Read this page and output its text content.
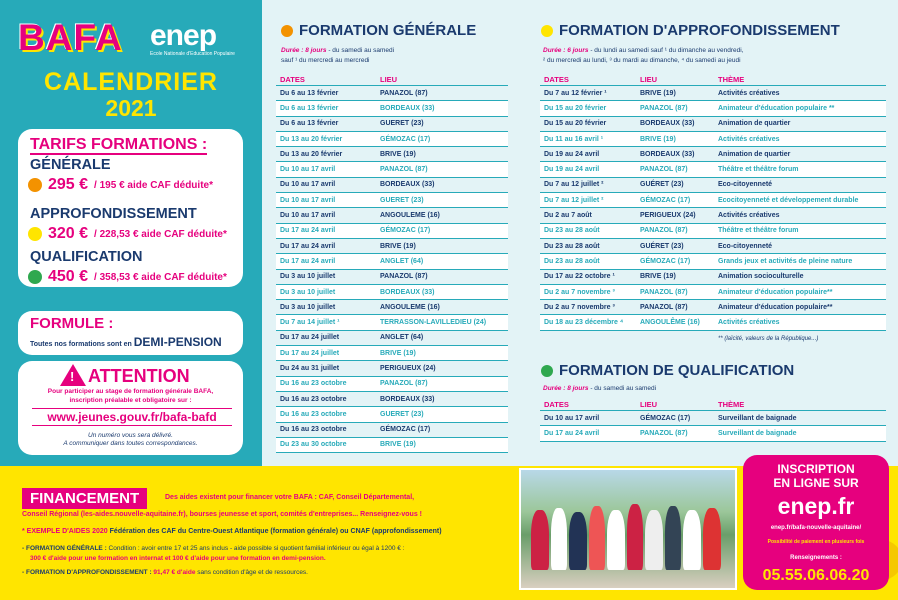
BAFA enep
Ecole Nationale d'Education Populaire
CALENDRIER
2021
TARIFS FORMATIONS :
GÉNÉRALE
295 € / 195 € aide CAF déduite*
APPROFONDISSEMENT
320 € / 228,53 € aide CAF déduite*
QUALIFICATION
450 € / 358,53 € aide CAF déduite*
FORMULE :
Toutes nos formations sont en DEMI-PENSION
! ATTENTION
Pour participer au stage de formation générale BAFA,
inscription préalable et obligatoire sur :
www.jeunes.gouv.fr/bafa-bafd
Un numéro vous sera délivré.
A communiquer dans toutes correspondances.
FORMATION GÉNÉRALE
Durée : 8 jours - du samedi au samedi
sauf ¹ du mercredi au mercredi
DATES	LIEU
Du 6 au 13 février	PANAZOL (87)
Du 6 au 13 février	BORDEAUX (33)
Du 6 au 13 février	GUERET (23)
Du 13 au 20 février	GÉMOZAC (17)
Du 13 au 20 février	BRIVE (19)
Du 10 au 17 avril	PANAZOL (87)
Du 10 au 17 avril	BORDEAUX (33)
Du 10 au 17 avril	GUERET (23)
Du 10 au 17 avril	ANGOULEME (16)
Du 17 au 24 avril	GÉMOZAC (17)
Du 17 au 24 avril	BRIVE (19)
Du 17 au 24 avril	ANGLET (64)
Du 3 au 10 juillet	PANAZOL (87)
Du 3 au 10 juillet	BORDEAUX (33)
Du 3 au 10 juillet	ANGOULEME (16)
Du 7 au 14 juillet ¹	TERRASSON-LAVILLEDIEU (24)
Du 17 au 24 juillet	ANGLET (64)
Du 17 au 24 juillet	BRIVE (19)
Du 24 au 31 juillet	PERIGUEUX (24)
Du 16 au 23 octobre	PANAZOL (87)
Du 16 au 23 octobre	BORDEAUX (33)
Du 16 au 23 octobre	GUERET (23)
Du 16 au 23 octobre	GÉMOZAC (17)
Du 23 au 30 octobre	BRIVE (19)
FORMATION D'APPROFONDISSEMENT
Durée : 6 jours - du lundi au samedi sauf ¹ du dimanche au vendredi,
² du mercredi au lundi, ³ du mardi au dimanche, ⁴ du samedi au jeudi
DATES	LIEU	THÈME
Du 7 au 12 février ¹	BRIVE (19)	Activités créatives
Du 15 au 20 février	PANAZOL (87)	Animateur d'éducation populaire **
Du 15 au 20 février	BORDEAUX (33)	Animation de quartier
Du 11 au 16 avril ¹	BRIVE (19)	Activités créatives
Du 19 au 24 avril	BORDEAUX (33)	Animation de quartier
Du 19 au 24 avril	PANAZOL (87)	Théâtre et théâtre forum
Du 7 au 12 juillet ²	GUÉRET (23)	Eco-citoyenneté
Du 7 au 12 juillet ²	GÉMOZAC (17)	Ecocitoyenneté et développement durable
Du 2 au 7 août	PERIGUEUX (24)	Activités créatives
Du 23 au 28 août	PANAZOL (87)	Théâtre et théâtre forum
Du 23 au 28 août	GUÉRET (23)	Eco-citoyenneté
Du 23 au 28 août	GÉMOZAC (17)	Grands jeux et activités de pleine nature
Du 17 au 22 octobre ¹	BRIVE (19)	Animation socioculturelle
Du 2 au 7 novembre ³	PANAZOL (87)	Animateur d'éducation populaire**
Du 2 au 7 novembre ³	PANAZOL (87)	Animateur d'éducation populaire**
Du 18 au 23 décembre ⁴	ANGOULÊME (16)	Activités créatives
** (laïcité, valeurs de la République...)
FORMATION DE QUALIFICATION
Durée : 8 jours - du samedi au samedi
DATES	LIEU	THÈME
Du 10 au 17 avril	GÉMOZAC (17)	Surveillant de baignade
Du 17 au 24 avril	PANAZOL (87)	Surveillant de baignade
FINANCEMENT	Des aides existent pour financer votre BAFA : CAF, Conseil Départemental,
Conseil Régional (les-aides.nouvelle-aquitaine.fr), bourses jeunesse et sport, comités d'entreprises... Renseignez-vous !
* EXEMPLE D'AIDES 2020 Fédération des CAF du Centre-Ouest Atlantique (formation générale) ou CNAF (approfondissement)
- FORMATION GÉNÉRALE : Condition : avoir entre 17 et 25 ans inclus - aide possible si quotient familial inférieur ou égal à 1200 € :
300 € d'aide pour une formation en internat et 100 € d'aide pour une formation en demi-pension.
- FORMATION D'APPROFONDISSEMENT : 91,47 € d'aide sans condition d'âge et de ressources.
INSCRIPTION
EN LIGNE SUR
enep.fr
enep.fr/bafa-nouvelle-aquitaine/
Possibilité de paiement en plusieurs fois
Renseignements :
05.55.06.06.20
